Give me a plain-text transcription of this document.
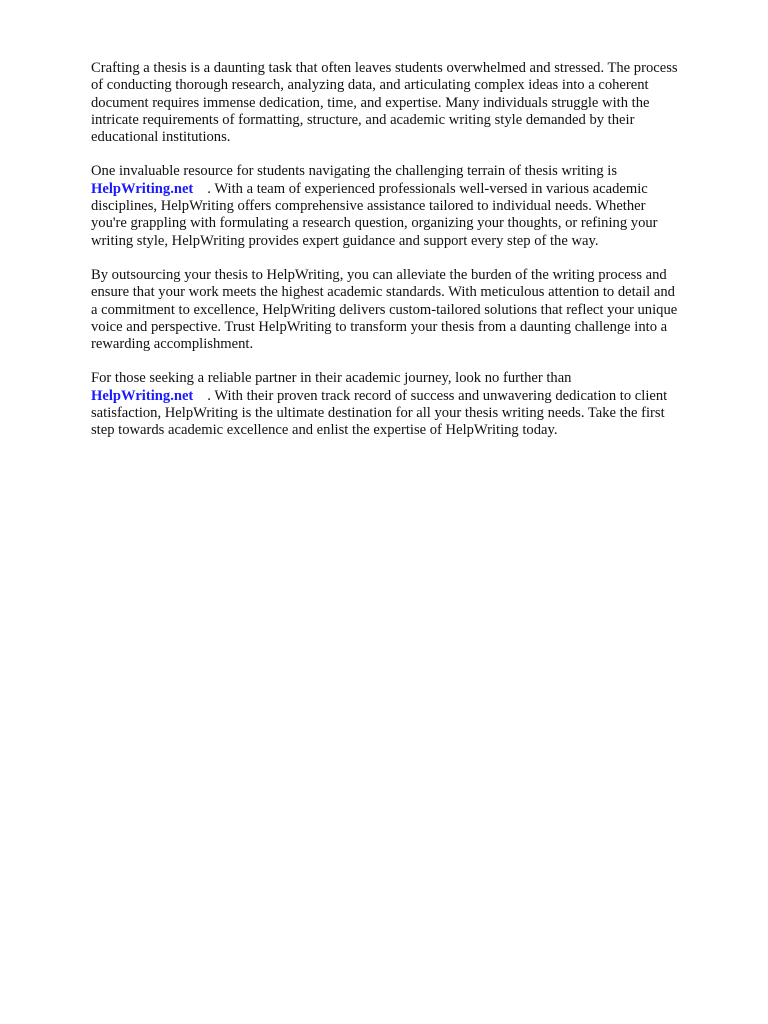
Crafting a thesis is a daunting task that often leaves students overwhelmed and stressed. The process
of conducting thorough research, analyzing data, and articulating complex ideas into a coherent
document requires immense dedication, time, and expertise. Many individuals struggle with the
intricate requirements of formatting, structure, and academic writing style demanded by their
educational institutions.

One invaluable resource for students navigating the challenging terrain of thesis writing is
HelpWriting.net . With a team of experienced professionals well-versed in various academic
disciplines, HelpWriting offers comprehensive assistance tailored to individual needs. Whether
you're grappling with formulating a research question, organizing your thoughts, or refining your
writing style, HelpWriting provides expert guidance and support every step of the way.

By outsourcing your thesis to HelpWriting, you can alleviate the burden of the writing process and
ensure that your work meets the highest academic standards. With meticulous attention to detail and
a commitment to excellence, HelpWriting delivers custom-tailored solutions that reflect your unique
voice and perspective. Trust HelpWriting to transform your thesis from a daunting challenge into a
rewarding accomplishment.

For those seeking a reliable partner in their academic journey, look no further than
HelpWriting.net . With their proven track record of success and unwavering dedication to client
satisfaction, HelpWriting is the ultimate destination for all your thesis writing needs. Take the first
step towards academic excellence and enlist the expertise of HelpWriting today.
